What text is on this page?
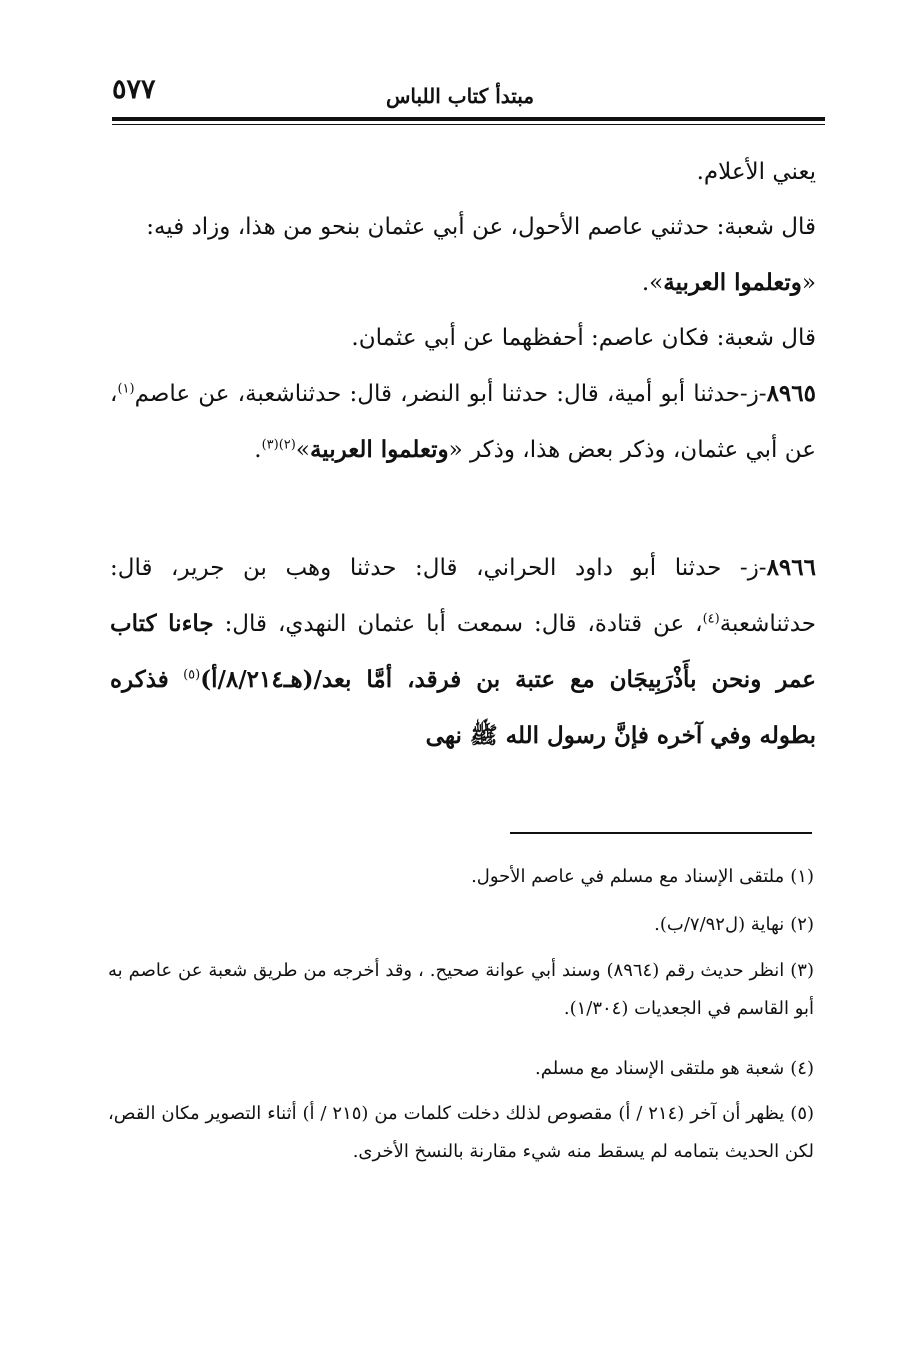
٥٧٧	مبتدأ كتاب اللباس

يعني الأعلام.

قال شعبة: حدثني عاصم الأحول، عن أبي عثمان بنحو من هذا، وزاد فيه:
«وتعلموا العربية».

قال شعبة: فكان عاصم: أحفظهما عن أبي عثمان.

٨٩٦٥-ز-حدثنا أبو أمية، قال: حدثنا أبو النضر، قال: حدثناشعبة، عن عاصم$^{(١)}$، عن أبي عثمان، وذكر بعض هذا، وذكر «وتعلموا العربية»$^{(٢)(٣)}$.

٨٩٦٦-ز- حدثنا أبو داود الحراني، قال: حدثنا وهب بن جرير، قال: حدثناشعبة$^{(٤)}$، عن قتادة، قال: سمعت أبا عثمان النهدي، قال: جاءنا كتاب عمر ونحن بأَذْرَبِيجَان مع عتبة بن فرقد، أمَّا بعد/(هـ٨/٢١٤/أ)$^{(٥)}$ فذكره بطوله وفي آخره فإنَّ رسول الله ﷺ نهى

(١)ملتقى الإسناد مع مسلم في عاصم الأحول.

(٢)نهاية (ل٧/٩٢/ب).

(٣)انظر حديث رقم (٨٩٦٤) وسند أبي عوانة صحيح. ، وقد أخرجه من طريق شعبة عن عاصم به أبو القاسم في الجعديات (١/٣٠٤).

(٤)شعبة هو ملتقى الإسناد مع مسلم.

(٥)يظهر أن آخر (٢١٤ / أ) مقصوص لذلك دخلت كلمات من (٢١٥ / أ) أثناء التصوير مكان القص، لكن الحديث بتمامه لم يسقط منه شيء مقارنة بالنسخ الأخرى.
